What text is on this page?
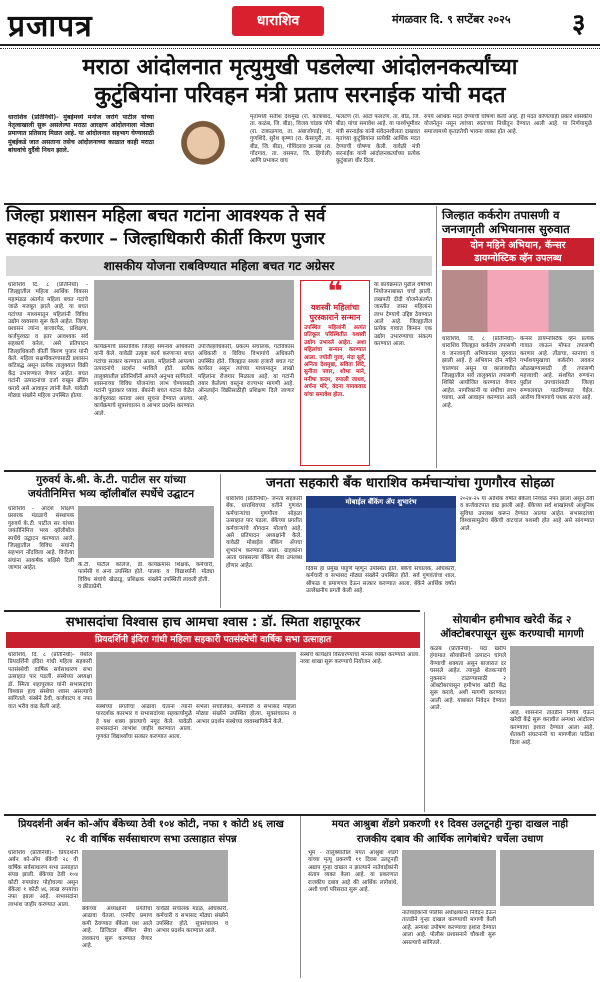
प्रजापत्र	धाराशिव	मंगळवार दि. ९ सप्टेंबर २०२५ ३
मराठा आंदोलनात मृत्युमुखी पडलेल्या आंदोलनकर्त्यांच्या
कुटुंबियांना परिवहन मंत्री प्रताप सरनाईक यांची मदत
धाराशिव (प्रतिनिधी)- मुंबईमध्ये मनोज जरांगे पाटील यांच्या नेतृत्वाखाली सुरू असलेल्या मराठा आरक्षण आंदोलनाला मोठ्या प्रमाणात प्रतिसाद मिळत आहे. या आंदोलनात सहभाग घेण्यासाठी मुंबईकडे जात असताना तसेच आंदोलनाच्या काळात काही मराठा बांधवांचे दुर्दैवी निधन झाले.
मृतांमध्ये सतीश देशमुख (रा. कात्राबाद, ता. कळंब, जि. बीड), विजय चांडक पोपे (रा. टाकळगाव, ता. अंबाजोगाई), गं. गुणशिंदे, सुरेश कृष्णा (रा. केसापुरी, ता. बीड, जि. बीड), गोविंदराव ज्ञानबा (रा. गोंदगाव, ता. वसमत, जि. हिंगोली) आणि प्रभाकर वाघ
फलटण (रा. आटो फलटण, ता. बीड, जि. बीड) यांचा समावेश आहे. या पार्श्वभूमीवर मंत्री सरनाईक यांनी संवेदनशीलता दाखवत मृतांच्या कुटुंबियांना प्रत्येकी आर्थिक मदत देण्याची घोषणा केली. यावेळी मंत्री सरनाईक यांनी आंदोलनकर्त्यांच्या प्रत्येक कुटुंबाला धीर दिला.
रुपये आर्थिक मदत देण्याची घोषणा केली आहे. ही मदत कोणत्याही प्रकारे शासकीय योजनेतून नसून त्यांच्या स्वतःच्या निधीतून देण्यात आली आहे. या निर्णयामुळे समाजामध्ये कृतज्ञतेची भावना व्यक्त होत आहे.
जिल्हा प्रशासन महिला बचत गटांना आवश्यक ते सर्व
सहकार्य करणार – जिल्हाधिकारी कीर्ती किरण पुजार
शासकीय योजना राबविण्यात महिला बचत गट अग्रेसर
धाराशिव दि. ८ (प्रतिनिधी) - जिल्ह्यातील महिला आर्थिक विकास महामंडळ अंतर्गत महिला बचत गटांचे जाळे मजबूत झाले आहे. या बचत गटांच्या माध्यमातून महिलांनी विविध उद्योग व्यवसाय सुरू केले आहेत. जिल्हा प्रशासन त्यांना बाजारपेठ, प्रशिक्षण, कर्जपुरवठा व इतर आवश्यक सर्व सहकार्य करेल, असे प्रतिपादन जिल्हाधिकारी कीर्ती किरण पुजार यांनी केले. महिला सक्षमीकरणासाठी प्रशासन कटिबद्ध असून प्रत्येक तालुक्यात विक्री केंद्र उभारण्यात येणार आहेत. बचत गटांनी उत्पादनांचा दर्जा राखून ब्रँडिंग करावे असे आवाहन त्यांनी केले. यावेळी मोठ्या संख्येने महिला उपस्थित होत्या.
कार्यक्रमाचे प्रास्ताविक जिल्हा समन्वय अधिकारी यांनी केले. यावेळी उत्कृष्ट कार्य करणाऱ्या बचत गटांचा सत्कार करण्यात आला. महिलांनी आपल्या उत्पादनांचे प्रदर्शन भरविले होते. प्रत्येक तालुक्यातील प्रतिनिधींनी आपले अनुभव सांगितले. शासनाच्या विविध योजनांचा लाभ घेण्यासाठी गटांनी पुढाकार घ्यावा. बँकांनी बचत गटांना वेळेत कर्जपुरवठा करावा अशा सूचना देण्यात आल्या. कार्यक्रमाचे सूत्रसंचालन व आभार प्रदर्शन करण्यात आले.
उपजिल्हाधिकारी, प्रकल्प संचालक, गटविकास अधिकारी व विविध विभागांचे अधिकारी उपस्थित होते. जिल्ह्यात सध्या हजारो बचत गट कार्यरत असून त्यांच्या माध्यमातून लाखो महिलांना रोजगार मिळाला आहे. या गटांनी तयार केलेल्या वस्तूंना राज्यभर मागणी आहे. ऑनलाईन विक्रीसाठीही प्रशिक्षण दिले जाणार आहे.
❝
यशस्वी महिलांचा पुरस्काराने सन्मान
उपस्थित महिलांनी अत्यंत प्रतिकूल परिस्थितीत यशस्वी उद्योग उभारले आहेत. अशा महिलांचा सन्मान करण्यात आला. ज्योती गुरव, मंदा सुर्वे, अनिता देशमुख, सविता शिंदे, सुनीता पवार, शोभा माने, मनीषा कदम, रुपाली जाधव, अर्चना मोरे, वंदना गायकवाड यांचा समावेश होता.
या कार्यक्रमात पुढील वर्षीच्या नियोजनाबाबत चर्चा झाली. लखपती दीदी योजनेअंतर्गत जास्तीत जास्त महिलांना लाभ देण्याचे उद्दिष्ट ठेवण्यात आले आहे. जिल्ह्यातील प्रत्येक गावात किमान एक उद्योग उभारण्याचा संकल्प करण्यात आला.
जिल्हात कर्करोग तपासणी व
जनजागृती अभियानास सुरुवात
दोन महिने अभियान, कॅन्सर
डायग्नोस्टिक व्हॅन उपलब्ध
धाराशिव, दि. ८ (प्रतिनिधी)- धाराशिव जिल्ह्यात कर्करोग तपासणी व जनजागृती अभियानास सुरुवात झाली आहे. हे अभियान दोन महिने चालणार असून या कालावधीत जिल्ह्यातील सर्व तालुक्यांत तपासणी शिबिरे आयोजित करण्यात येणार आहेत. नागरिकांनी या संधीचा लाभ घ्यावा, असे आवाहन करण्यात आले आहे.
कॅन्सर डायग्नोस्टिक व्हॅन प्रत्येक गावात जाऊन मोफत तपासणी करणार आहे. तोंडाचा, स्तनाचा व गर्भाशयमुखाचा कर्करोग लवकर ओळखण्यासाठी ही तपासणी महत्त्वाची आहे. संशयित रुग्णांना पुढील उपचारांसाठी जिल्हा रुग्णालयात पाठविण्यात येईल. आरोग्य विभागाचे पथक सज्ज आहे.
गुरुवर्य के.श्री. के.टी. पाटील सर यांच्या
जयंतीनिमित्त भव्य व्हॉलीबॉल स्पर्धेचे उद्घाटन
धाराशिव - आदर्श शिक्षण प्रसारक मंडळाचे संस्थापक गुरुवर्य के.टी. पाटील सर यांच्या जयंतीनिमित्त भव्य व्हॉलीबॉल स्पर्धेचे उद्घाटन करण्यात आले. जिल्ह्यातील विविध संघांनी सहभाग नोंदविला आहे. विजेत्या संघांना आकर्षक बक्षिसे दिली जाणार आहेत.
के.टी. पाटील कॉलेज, डी. फार्मसी व अन्य उपस्थित होते. विविध संघांचे खेळाडू, प्रशिक्षक व क्रीडाप्रेमी.
कार्यक्रमास शिक्षक, कर्मचारी, पालक व विद्यार्थ्यांनी मोठ्या संख्येने उपस्थिती लावली होती.
जनता सहकारी बँक धाराशिव कर्मचाऱ्यांचा गुणगौरव सोहळा
धाराशिव (प्रतिनिधी)- जनता सहकारी बँक, धाराशिवच्या वतीने गुणवंत कर्मचाऱ्यांचा गुणगौरव सोहळा उत्साहात पार पडला. बँकेच्या प्रगतीत कर्मचाऱ्यांचे योगदान मोलाचे आहे, असे प्रतिपादन अध्यक्षांनी केले. यावेळी मोबाईल बँकिंग ॲपचा शुभारंभ करण्यात आला. ग्राहकांना आता घरबसल्या बँकिंग सेवा उपलब्ध होणार आहेत.
मोबाईल बँकिंग ॲप शुभारंभ
दिवस हा प्रमुख पाहुणे म्हणून उपस्थित होते. बँकेचे संचालक, अधिकारी, कर्मचारी व सभासद मोठ्या संख्येने उपस्थित होते. सर्व गुणवंतांचा शाल, श्रीफळ व प्रमाणपत्र देऊन सत्कार करण्यात आला. बँकेने आर्थिक वर्षात उल्लेखनीय प्रगती केली आहे.
२०२४-२५ या आर्थिक वर्षात बँकेला निव्वळ नफा झाला असून ठेवी व कर्जवाटपात वाढ झाली आहे. बँकेच्या सर्व शाखांमध्ये आधुनिक सुविधा उपलब्ध करून देण्यात आल्या आहेत. सभासदांच्या विश्वासामुळेच बँकेची वाटचाल यशस्वी होत आहे असे सांगण्यात आले.
सभासदांचा विश्वास हाच आमचा श्वास : डॉ. स्मिता शहापूरकर
प्रियदर्शिनी इंदिरा गांधी महिला सहकारी पतसंस्थेची वार्षिक सभा उत्साहात
धाराशिव, दि. ८ (प्रतिनिधी)- येथील प्रियदर्शिनी इंदिरा गांधी महिला सहकारी पतसंस्थेची वार्षिक सर्वसाधारण सभा उत्साहात पार पडली. संस्थेच्या अध्यक्षा डॉ. स्मिता शहापूरकर यांनी सभासदांचा विश्वास हाच संस्थेचा श्वास असल्याचे सांगितले. संस्थेने ठेवी, कर्जवाटप व नफा यात भरीव वाढ केली आहे.	संस्थेच्या प्रगतीचा आढावा घेताना त्यांनी पारदर्शक कारभार व सभासदांच्या सहकार्यामुळे हे यश शक्य झाल्याचे नमूद केले. यावेळी सभासदांना लाभांश जाहीर करण्यात आला. गुणवंत विद्यार्थ्यांचा सत्कार करण्यात आला.
सभेला संचालिका, कर्मचारी व सभासद महिला मोठ्या संख्येने उपस्थित होत्या. सूत्रसंचालन व आभार प्रदर्शन संस्थेच्या व्यवस्थापिकेने केले.
संस्थेचे कार्यक्षेत्र विस्तारण्याचा मानस व्यक्त करण्यात आला. नव्या शाखा सुरू करण्याचे नियोजन आहे.
सोयाबीन हमीभाव खरेदी केंद्र २
ऑक्टोबरपासून सुरू करण्याची मागणी
कळंब (प्रतिनिधी)- यंदा खरीप हंगामात सोयाबीनचे उत्पादन चांगले येण्याची शक्यता असून बाजारात दर घसरले आहेत. त्यामुळे शेतकऱ्यांचे नुकसान टाळण्यासाठी २ ऑक्टोबरपासून हमीभाव खरेदी केंद्र सुरू करावे, अशी मागणी करण्यात आली आहे. याबाबत निवेदन देण्यात आले.
आहे. शासनाने तातडीने निर्णय घेऊन खरेदी केंद्रे सुरू करावीत अन्यथा आंदोलन करण्याचा इशारा देण्यात आला आहे. शेतकरी संघटनांनी या मागणीला पाठिंबा दिला आहे.
प्रियदर्शनी अर्बन को-ऑप बँकेच्या ठेवी १०४ कोटी, नफा १ कोटी ४६ लाख
२८ वी वार्षिक सर्वसाधारण सभा उत्साहात संपन्न
धाराशिव (प्रतिनिधी)- प्रियदर्शनी अर्बन को-ऑप बँकेची २८ वी वार्षिक सर्वसाधारण सभा उत्साहात संपन्न झाली. बँकेच्या ठेवी १०४ कोटी रुपयांवर पोहोचल्या असून बँकेला १ कोटी ४६ लाख रुपयांचा नफा झाला आहे. सभासदांना लाभांश जाहीर करण्यात आला.
बँकेच्या अध्यक्षांनी प्रगतीचा आढावा घेतला. एनपीए प्रमाण कमी ठेवण्यात बँकेला यश आले आहे. डिजिटल बँकिंग सेवा लवकरच सुरू करण्यात येणार आहे.
यावेळी संचालक मंडळ, अधिकारी, कर्मचारी व सभासद मोठ्या संख्येने उपस्थित होते. सूत्रसंचालन व आभार प्रदर्शन करण्यात आले.
मयत आश्रुबा शेंडगे प्रकरणी ११ दिवस उलटूनही गुन्हा दाखल नाही
राजकीय दबाव की आर्थिक लागेबांधे? चर्चेला उधाण
भूम - तालुक्यातील मयत आश्रुबा शेंडगे यांच्या मृत्यू प्रकरणी ११ दिवस उलटूनही अद्याप गुन्हा दाखल न झाल्याने नातेवाईकांनी संताप व्यक्त केला आहे. या प्रकरणात राजकीय दबाव आहे की आर्थिक लागेबांधे, अशी चर्चा परिसरात सुरू आहे.
नातेवाईकांनी पोलीस अधीक्षकांना निवेदन देऊन तातडीने गुन्हा दाखल करण्याची मागणी केली आहे. अन्यथा उपोषण करण्याचा इशारा देण्यात आला आहे. पोलीस प्रशासनाने चौकशी सुरू असल्याचे सांगितले.
